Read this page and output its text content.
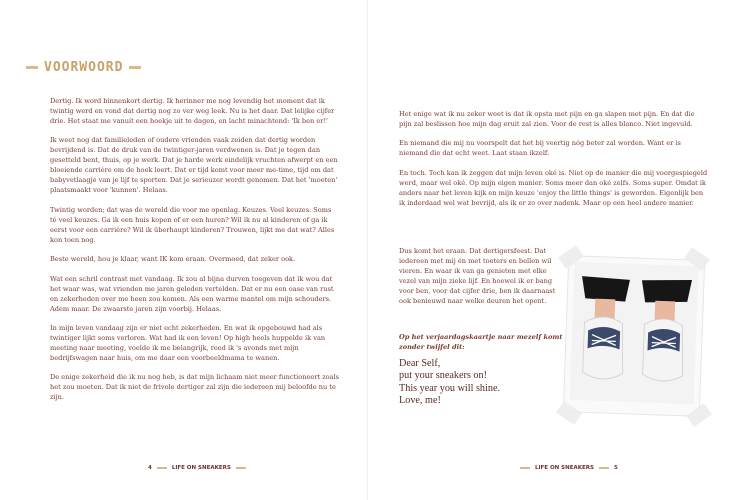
VOORWOORD

Dertig. Ik word binnenkort dertig. Ik herinner me nog levendig het moment dat ik twintig werd en vond dat dertig nog zo ver weg leek. Nu is het daar. Dat lelijke cijfer drie. Het staat me vanuit een hoekje uit te dagen, en lacht minachtend: 'Ik ben er!'

Ik weet nog dat familieleden of oudere vrienden vaak zeiden dat dertig worden bevrijdend is. Dat de druk van de twintiger-jaren verdwenen is. Dat je tegen dan gesetteld bent, thuis, op je werk. Dat je harde werk eindelijk vruchten afwerpt en een bloeiende carrière om de hoek loert. Dat er tijd komt voor meer me-time, tijd om dat babyvetlaagje van je lijf te sporten. Dat je serieuzer wordt genomen. Dat het 'moeten' plaatsmaakt voor 'kunnen'. Helaas.

Twintig worden; dat was de wereld die voor me openlag. Keuzes. Veel keuzes. Soms té veel keuzes. Ga ik een huis kopen of er een huren? Wil ik nu al kinderen of ga ik eerst voor een carrière? Wil ik überhaupt kinderen? Trouwen, lijkt me dat wat? Alles kon toen nog.

Beste wereld, hou je klaar, want IK kom eraan. Overmoed, dat zeker ook.

Wat een schril contrast met vandaag. Ik zou al bijna durven toegeven dat ik wou dat het waar was, wat vrienden me jaren geleden vertelden. Dat er nu een oase van rust en zekerheden over me heen zou komen. Als een warme mantel om mijn schouders. Adem maar. De zwaarste jaren zijn voorbij. Helaas.

In mijn leven vandaag zijn er niet echt zekerheden. En wat ik opgebouwd had als twintiger lijkt soms verloren. Wat had ik een leven! Op high heels huppelde ik van meeting naar meeting, voelde ik me belangrijk, reed ik 's avonds met mijn bedrijfswagen naar huis, om me daar een voorbeeldmama te wanen.

De enige zekerheid die ik nu nog heb, is dat mijn lichaam niet meer functioneert zoals het zou moeten. Dat ik niet de frivole dertiger zal zijn die iedereen mij beloofde nu te zijn.

4	LIFE ON SNEAKERS

Het enige wat ik nu zeker weet is dat ik opsta met pijn en ga slapen met pijn. En dat die pijn zal beslissen hoe mijn dag eruit zal zien. Voor de rest is alles blanco. Niet ingevuld.

En niemand die mij nu voorspelt dat het bij veertig nóg beter zal worden. Want er is niemand die dat echt weet. Laat staan ikzelf.

En toch. Toch kan ik zeggen dat mijn leven oké is. Niet op de manier die mij voorgespiegeld werd, maar wel oké. Op mijn eigen manier. Soms meer dan oké zelfs. Soms super. Omdat ik anders naar het leven kijk en mijn keuze 'enjoy the little things' is geworden. Eigenlijk ben ik inderdaad wel wat bevrijd, als ik er zo over nadenk. Maar op een heel andere manier.

Dus komt het eraan. Dat dertigersfeest. Dat iedereen met mij én met toeters en bellen wil vieren. En waar ik van ga genieten met elke vezel van mijn zieke lijf. En hoewel ik er bang voor ben, voor dat cijfer drie, ben ik daarnaast ook benieuwd naar welke deuren het opent.

Op het verjaardagskaartje naar mezelf komt zonder twijfel dit:
Dear Self,
put your sneakers on!
This year you will shine.
Love, me!
LIFE ON SNEAKERS	5
